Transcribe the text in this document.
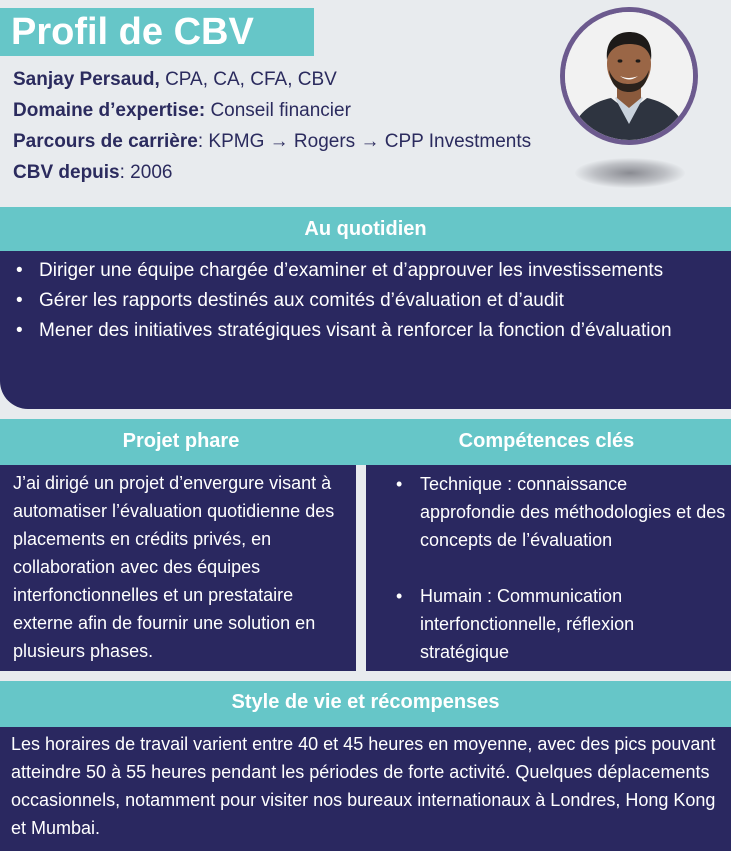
Profil de CBV
Sanjay Persaud, CPA, CA, CFA, CBV
Domaine d’expertise: Conseil financier
Parcours de carrière: KPMG → Rogers → CPP Investments
CBV depuis: 2006
Au quotidien
• Diriger une équipe chargée d’examiner et d’approuver les investissements
• Gérer les rapports destinés aux comités d’évaluation et d’audit
• Mener des initiatives stratégiques visant à renforcer la fonction d’évaluation
Projet phare	Compétences clés
J’ai dirigé un projet d’envergure visant à automatiser l’évaluation quotidienne des placements en crédits privés, en collaboration avec des équipes interfonctionnelles et un prestataire externe afin de fournir une solution en plusieurs phases.
• Technique : connaissance approfondie des méthodologies et des concepts de l’évaluation
• Humain : Communication interfonctionnelle, réflexion stratégique
Style de vie et récompenses
Les horaires de travail varient entre 40 et 45 heures en moyenne, avec des pics pouvant atteindre 50 à 55 heures pendant les périodes de forte activité. Quelques déplacements occasionnels, notamment pour visiter nos bureaux internationaux à Londres, Hong Kong et Mumbai.
